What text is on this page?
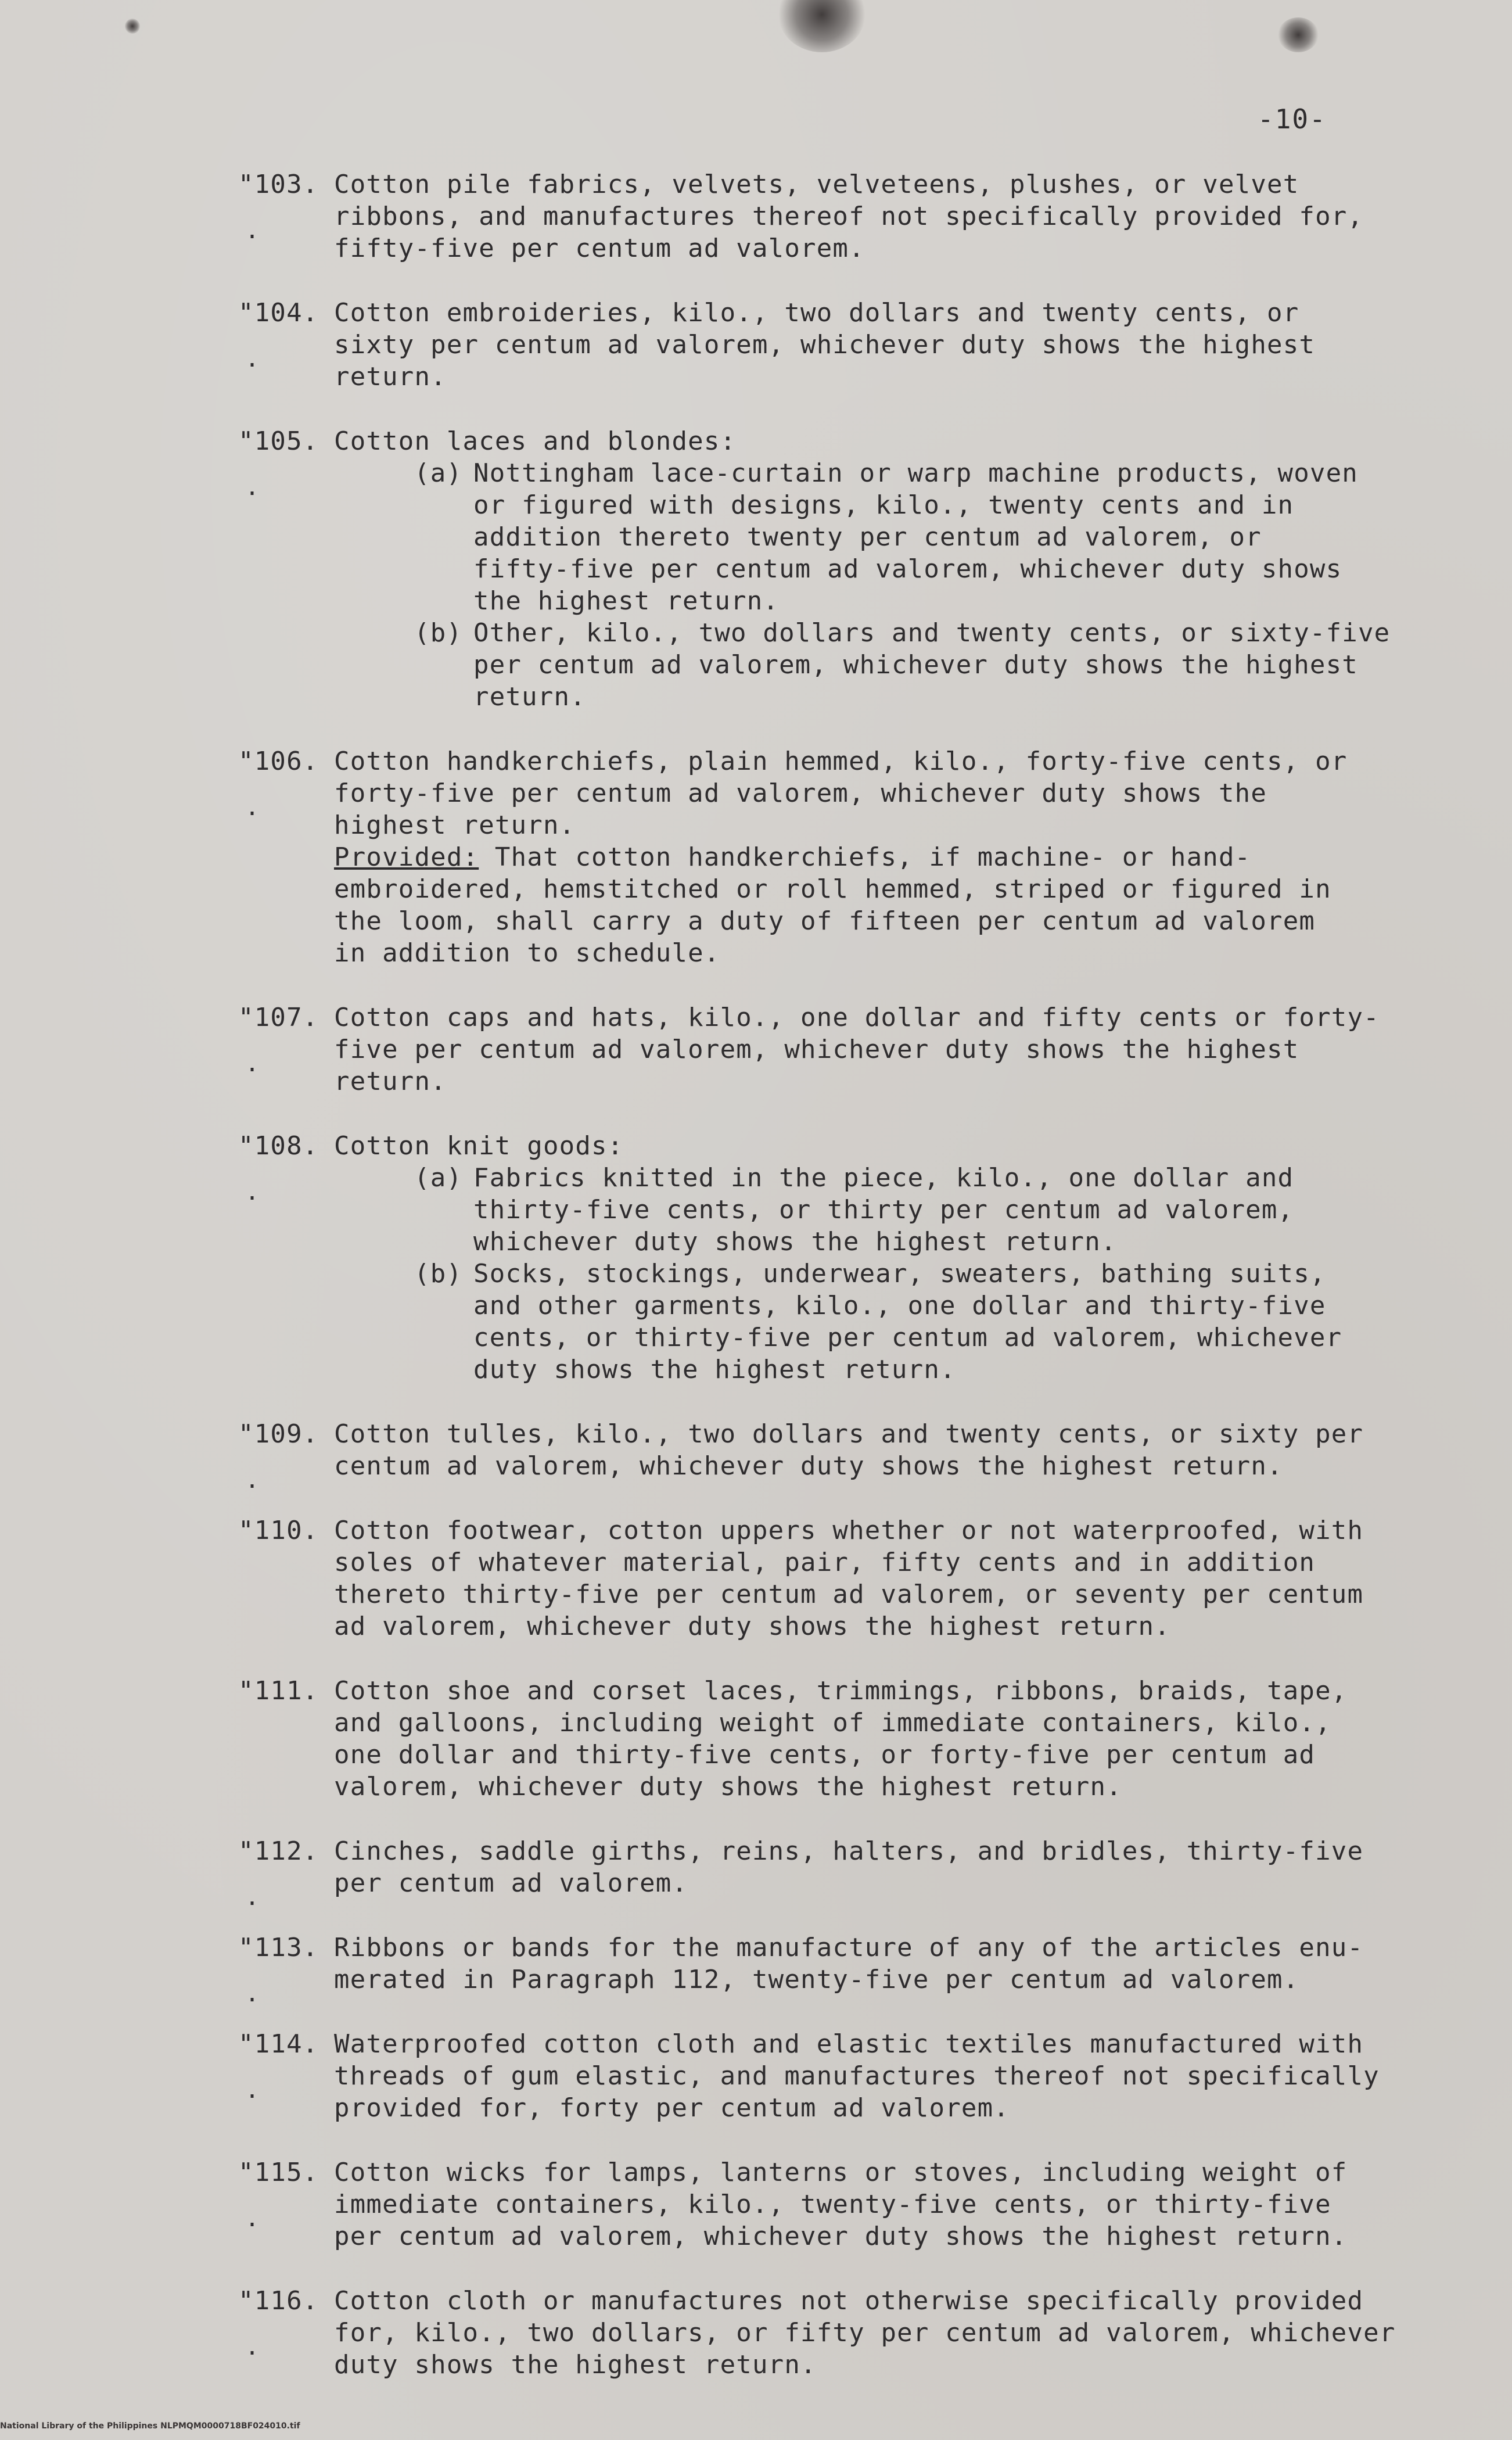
-10-
"103.
.
Cotton pile fabrics, velvets, velveteens, plushes, or velvet
ribbons, and manufactures thereof not specifically provided for,
fifty-five per centum ad valorem.
"104.
.
Cotton embroideries, kilo., two dollars and twenty cents, or
sixty per centum ad valorem, whichever duty shows the highest
return.
"105.
.
Cotton laces and blondes:
(a) Nottingham lace-curtain or warp machine products, woven
or figured with designs, kilo., twenty cents and in
addition thereto twenty per centum ad valorem, or
fifty-five per centum ad valorem, whichever duty shows
the highest return.
(b) Other, kilo., two dollars and twenty cents, or sixty-five
per centum ad valorem, whichever duty shows the highest
return.
"106.
.
Cotton handkerchiefs, plain hemmed, kilo., forty-five cents, or
forty-five per centum ad valorem, whichever duty shows the
highest return.
Provided: That cotton handkerchiefs, if machine- or hand-
embroidered, hemstitched or roll hemmed, striped or figured in
the loom, shall carry a duty of fifteen per centum ad valorem
in addition to schedule.
"107.
.
Cotton caps and hats, kilo., one dollar and fifty cents or forty-
five per centum ad valorem, whichever duty shows the highest
return.
"108.
.
Cotton knit goods:
(a) Fabrics knitted in the piece, kilo., one dollar and
thirty-five cents, or thirty per centum ad valorem,
whichever duty shows the highest return.
(b) Socks, stockings, underwear, sweaters, bathing suits,
and other garments, kilo., one dollar and thirty-five
cents, or thirty-five per centum ad valorem, whichever
duty shows the highest return.
"109.
.
Cotton tulles, kilo., two dollars and twenty cents, or sixty per
centum ad valorem, whichever duty shows the highest return.
"110. Cotton footwear, cotton uppers whether or not waterproofed, with
soles of whatever material, pair, fifty cents and in addition
thereto thirty-five per centum ad valorem, or seventy per centum
ad valorem, whichever duty shows the highest return.
"111. Cotton shoe and corset laces, trimmings, ribbons, braids, tape,
and galloons, including weight of immediate containers, kilo.,
one dollar and thirty-five cents, or forty-five per centum ad
valorem, whichever duty shows the highest return.
"112.
.
Cinches, saddle girths, reins, halters, and bridles, thirty-five
per centum ad valorem.
"113.
.
Ribbons or bands for the manufacture of any of the articles enu-
merated in Paragraph 112, twenty-five per centum ad valorem.
"114.
.
Waterproofed cotton cloth and elastic textiles manufactured with
threads of gum elastic, and manufactures thereof not specifically
provided for, forty per centum ad valorem.
"115.
.
Cotton wicks for lamps, lanterns or stoves, including weight of
immediate containers, kilo., twenty-five cents, or thirty-five
per centum ad valorem, whichever duty shows the highest return.
"116.
.
Cotton cloth or manufactures not otherwise specifically provided
for, kilo., two dollars, or fifty per centum ad valorem, whichever
duty shows the highest return.
National Library of the Philippines NLPMQM0000718BF024010.tif
